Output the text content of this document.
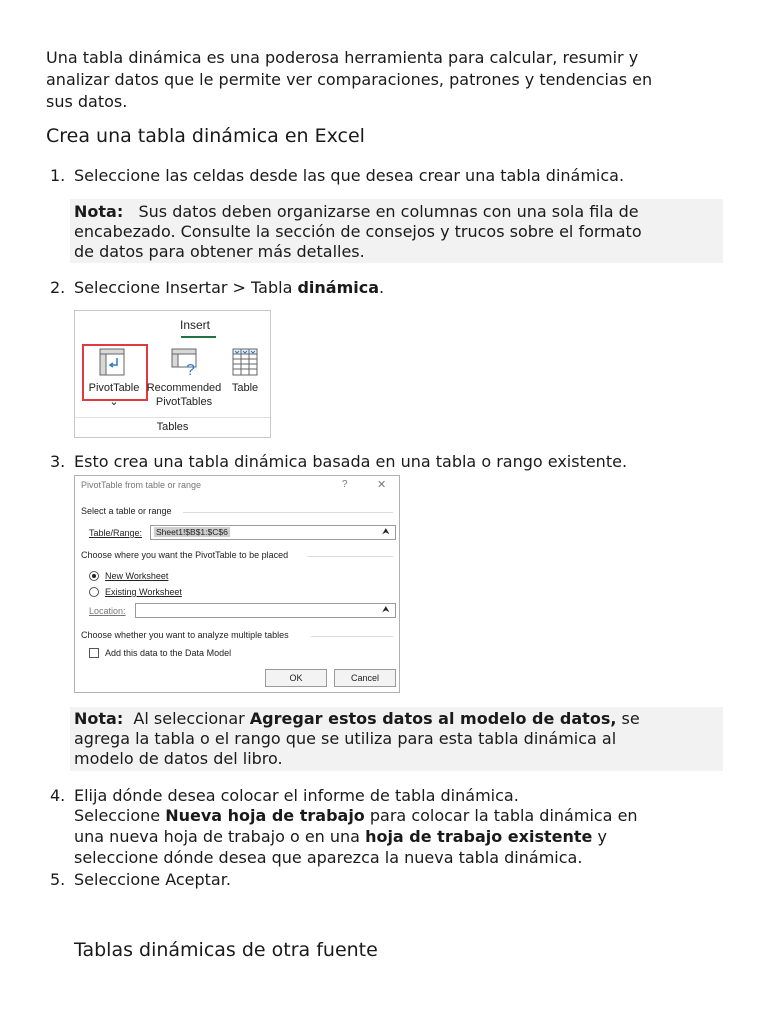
Una tabla dinámica es una poderosa herramienta para calcular, resumir y
analizar datos que le permite ver comparaciones, patrones y tendencias en
sus datos.
Crea una tabla dinámica en Excel
1. Seleccione las celdas desde las que desea crear una tabla dinámica.
Nota: Sus datos deben organizarse en columnas con una sola fila de
encabezado. Consulte la sección de consejos y trucos sobre el formato
de datos para obtener más detalles.
2. Seleccione Insertar > Tabla dinámica.
Insert
PivotTable
⌄
?
Recommended
PivotTables
Table
Tables
3. Esto crea una tabla dinámica basada en una tabla o rango existente.
PivotTable from table or range	?	✕
Select a table or range
Table/Range: Sheet1!$B$1:$C$6	⮝
Choose where you want the PivotTable to be placed
New Worksheet
Existing Worksheet
Location:	⮝
Choose whether you want to analyze multiple tables
Add this data to the Data Model
OK	Cancel
Nota: Al seleccionar Agregar estos datos al modelo de datos, se
agrega la tabla o el rango que se utiliza para esta tabla dinámica al
modelo de datos del libro.
4. Elija dónde desea colocar el informe de tabla dinámica.
Seleccione Nueva hoja de trabajo para colocar la tabla dinámica en
una nueva hoja de trabajo o en una hoja de trabajo existente y
seleccione dónde desea que aparezca la nueva tabla dinámica.
5. Seleccione Aceptar.
Tablas dinámicas de otra fuente
